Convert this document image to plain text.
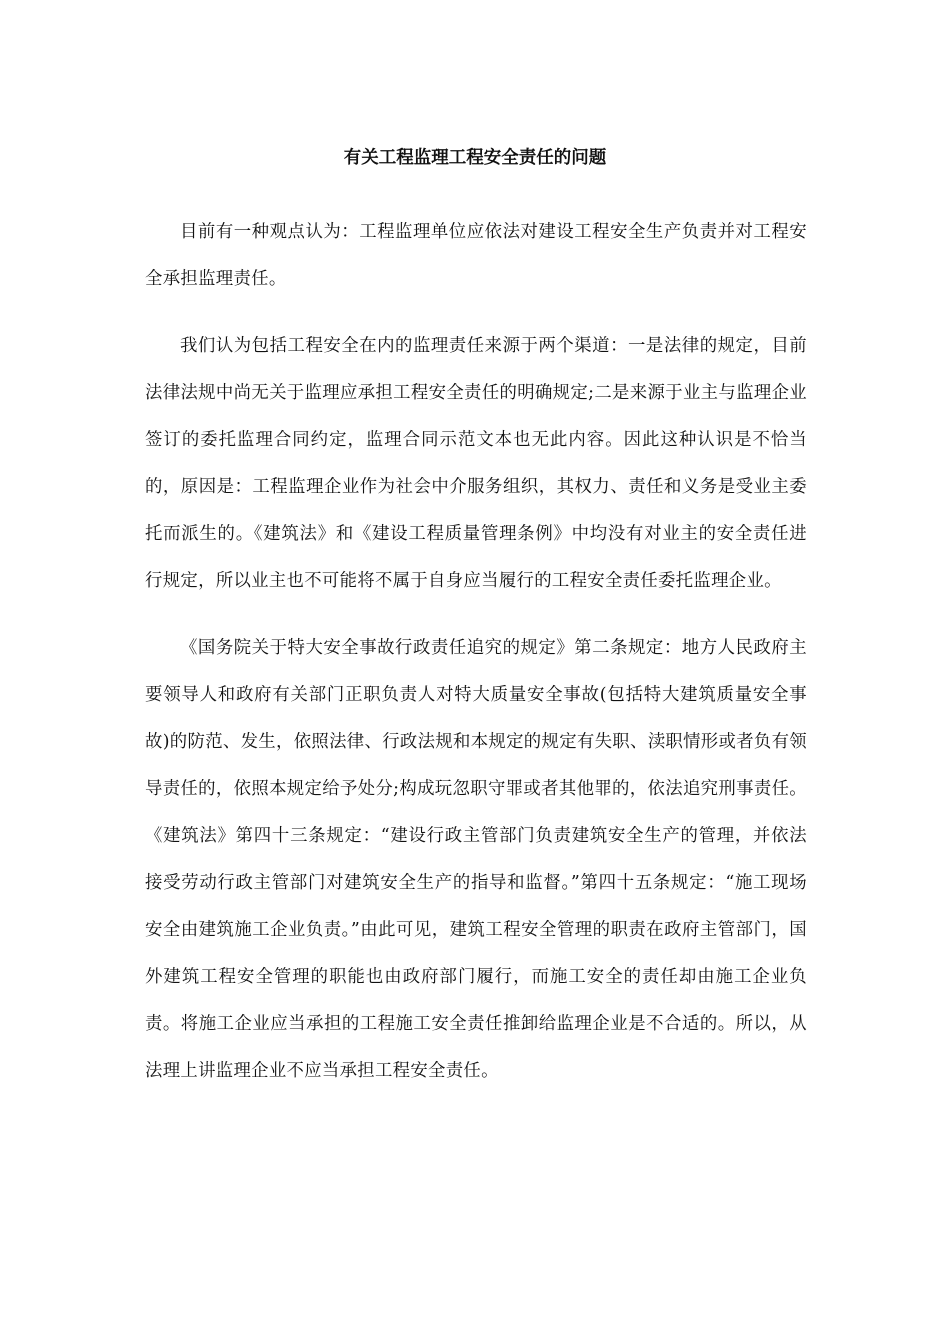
有关工程监理工程安全责任的问题

目前有一种观点认为：工程监理单位应依法对建设工程安全生产负责并对工程安全承担监理责任。

我们认为包括工程安全在内的监理责任来源于两个渠道：一是法律的规定，目前法律法规中尚无关于监理应承担工程安全责任的明确规定;二是来源于业主与监理企业签订的委托监理合同约定，监理合同示范文本也无此内容。因此这种认识是不恰当的，原因是：工程监理企业作为社会中介服务组织，其权力、责任和义务是受业主委托而派生的。《建筑法》和《建设工程质量管理条例》中均没有对业主的安全责任进行规定，所以业主也不可能将不属于自身应当履行的工程安全责任委托监理企业。

《国务院关于特大安全事故行政责任追究的规定》第二条规定：地方人民政府主要领导人和政府有关部门正职负责人对特大质量安全事故(包括特大建筑质量安全事故)的防范、发生，依照法律、行政法规和本规定的规定有失职、渎职情形或者负有领导责任的，依照本规定给予处分;构成玩忽职守罪或者其他罪的，依法追究刑事责任。《建筑法》第四十三条规定：“建设行政主管部门负责建筑安全生产的管理，并依法接受劳动行政主管部门对建筑安全生产的指导和监督。”第四十五条规定：“施工现场安全由建筑施工企业负责。”由此可见，建筑工程安全管理的职责在政府主管部门，国外建筑工程安全管理的职能也由政府部门履行，而施工安全的责任却由施工企业负责。将施工企业应当承担的工程施工安全责任推卸给监理企业是不合适的。所以，从法理上讲监理企业不应当承担工程安全责任。
